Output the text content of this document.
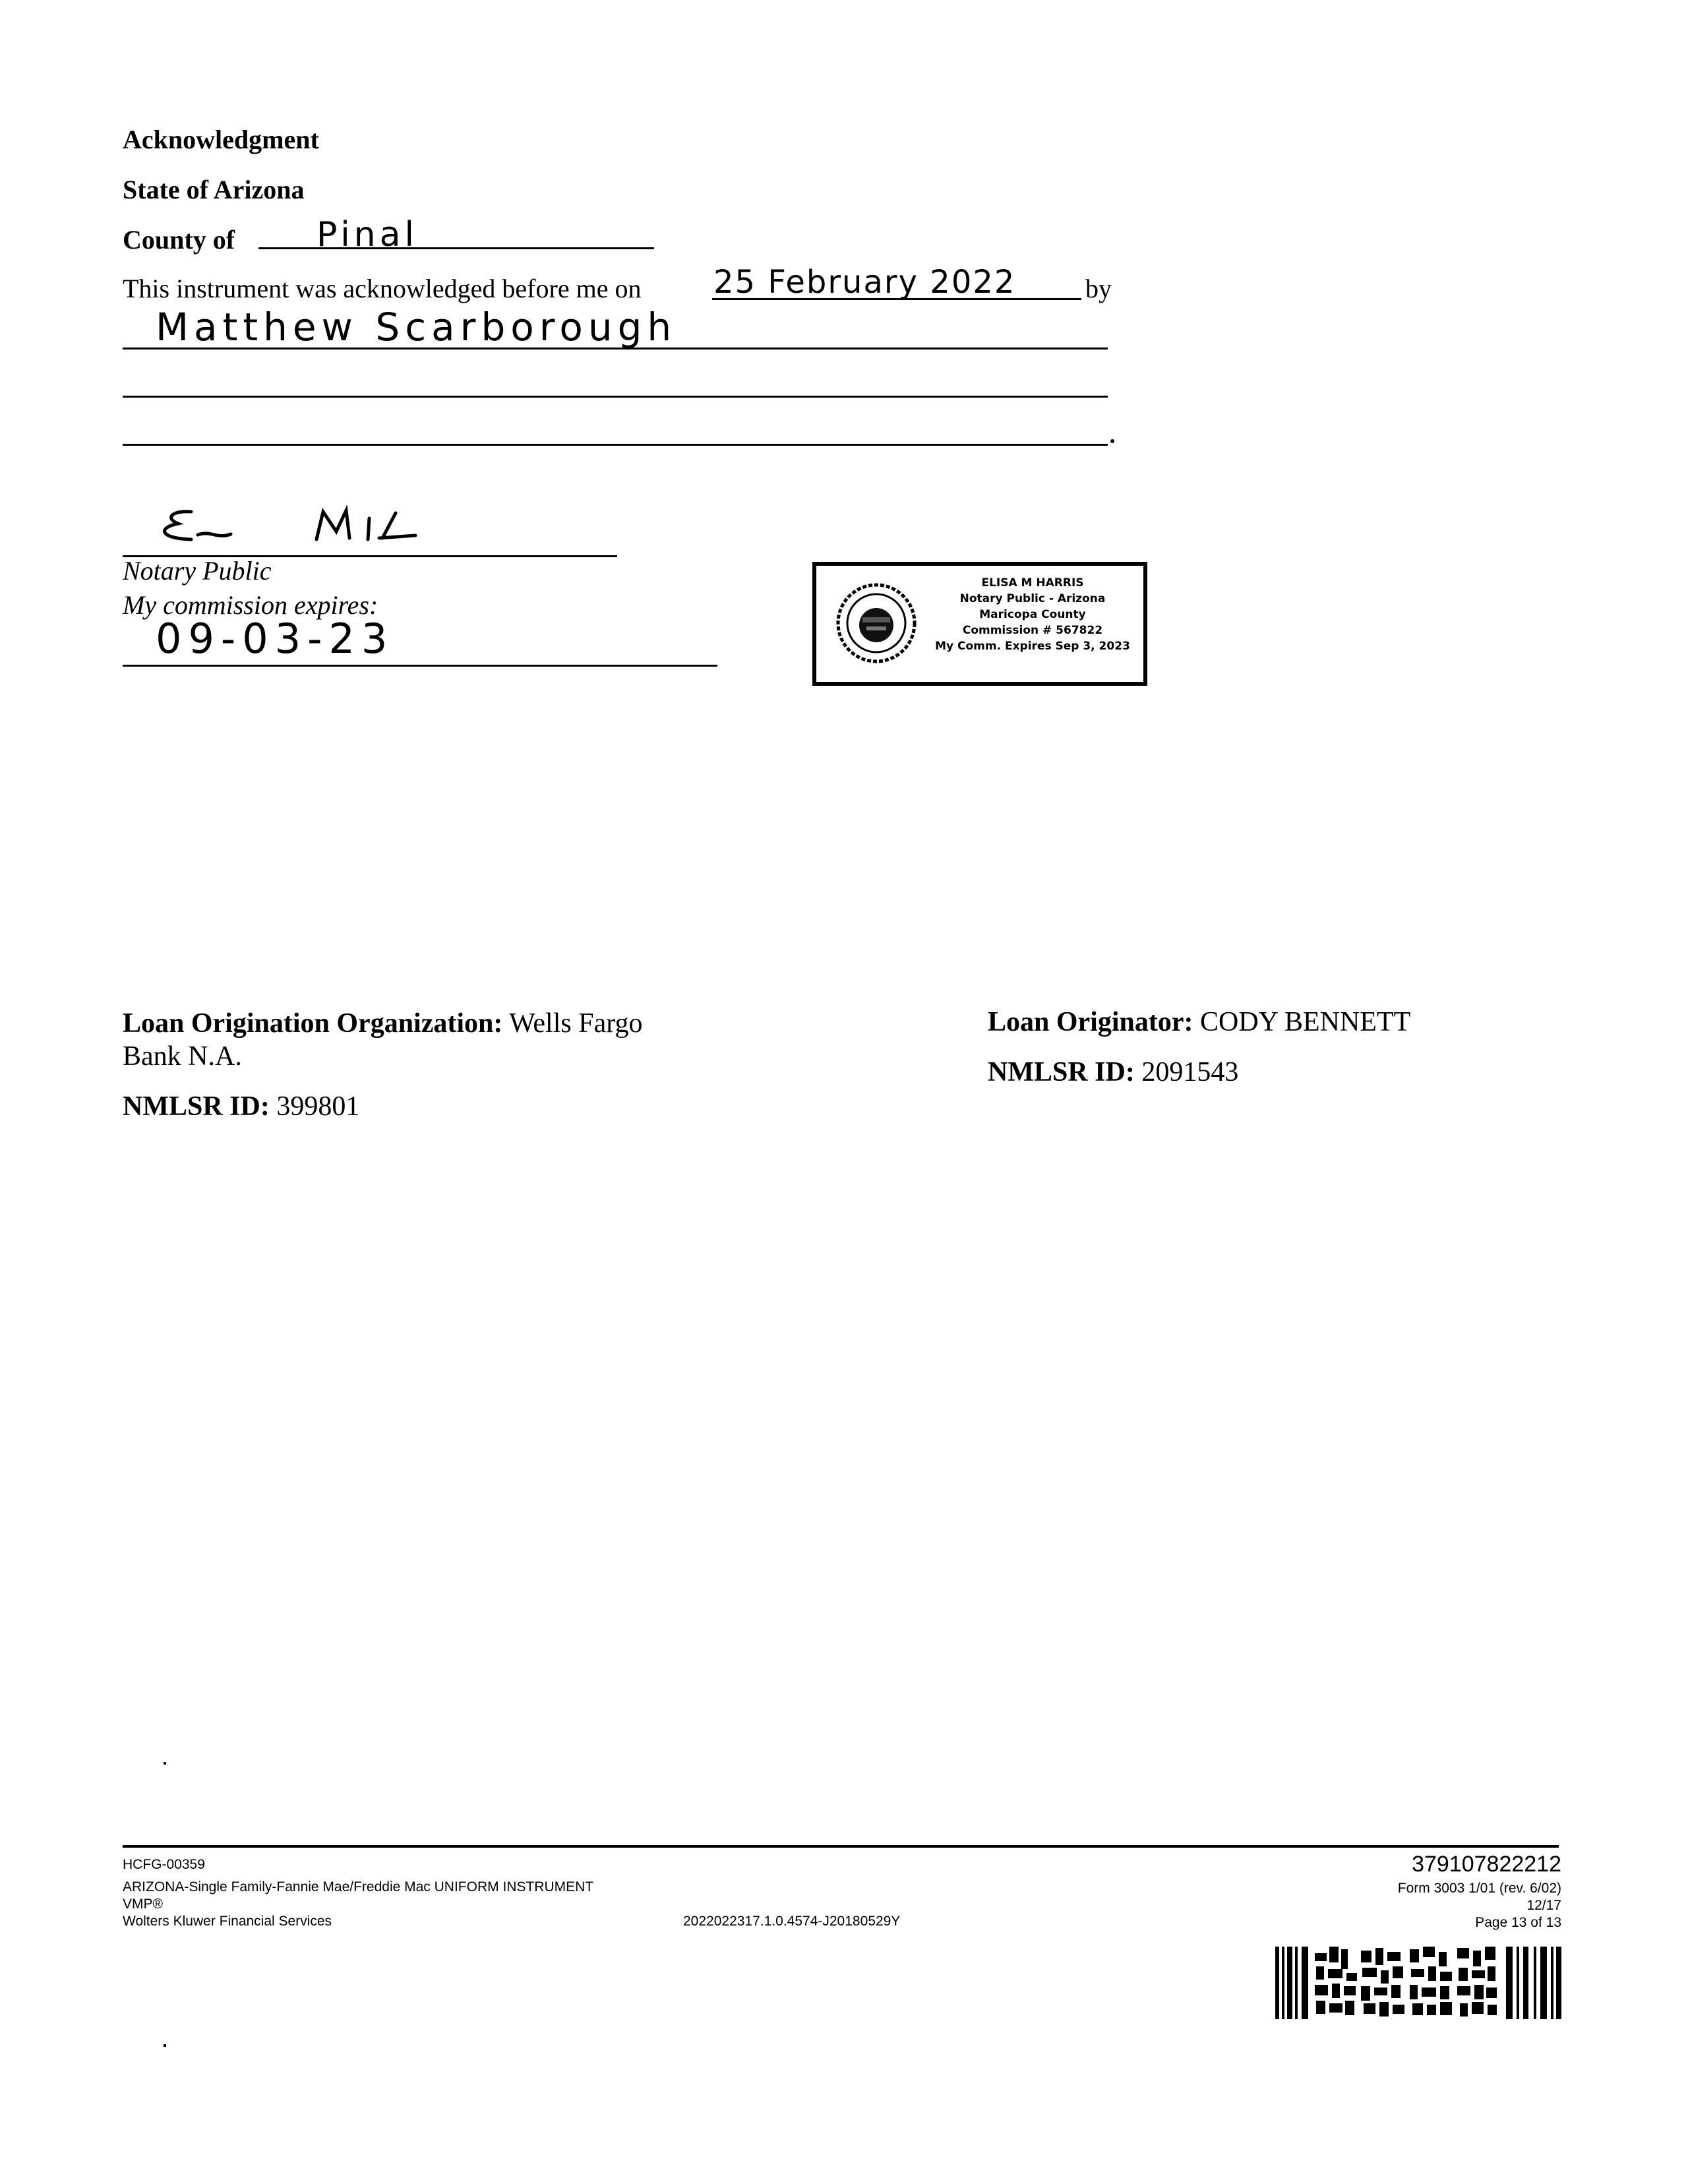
Acknowledgment
State of Arizona
County of Pinal
This instrument was acknowledged before me on 25 February 2022	by
Matthew Scarborough
Notary Public
My commission expires:
09-03-23
ELISA M HARRIS
Notary Public - Arizona
Maricopa County
Commission # 567822
My Comm. Expires Sep 3, 2023
Loan Origination Organization: Wells Fargo
Bank N.A.
NMLSR ID: 399801
Loan Originator: CODY BENNETT
NMLSR ID: 2091543
HCFG-00359
ARIZONA-Single Family-Fannie Mae/Freddie Mac UNIFORM INSTRUMENT
VMP®
Wolters Kluwer Financial Services	2022022317.1.0.4574-J20180529Y
379107822212
Form 3003 1/01 (rev. 6/02)
12/17
Page 13 of 13
